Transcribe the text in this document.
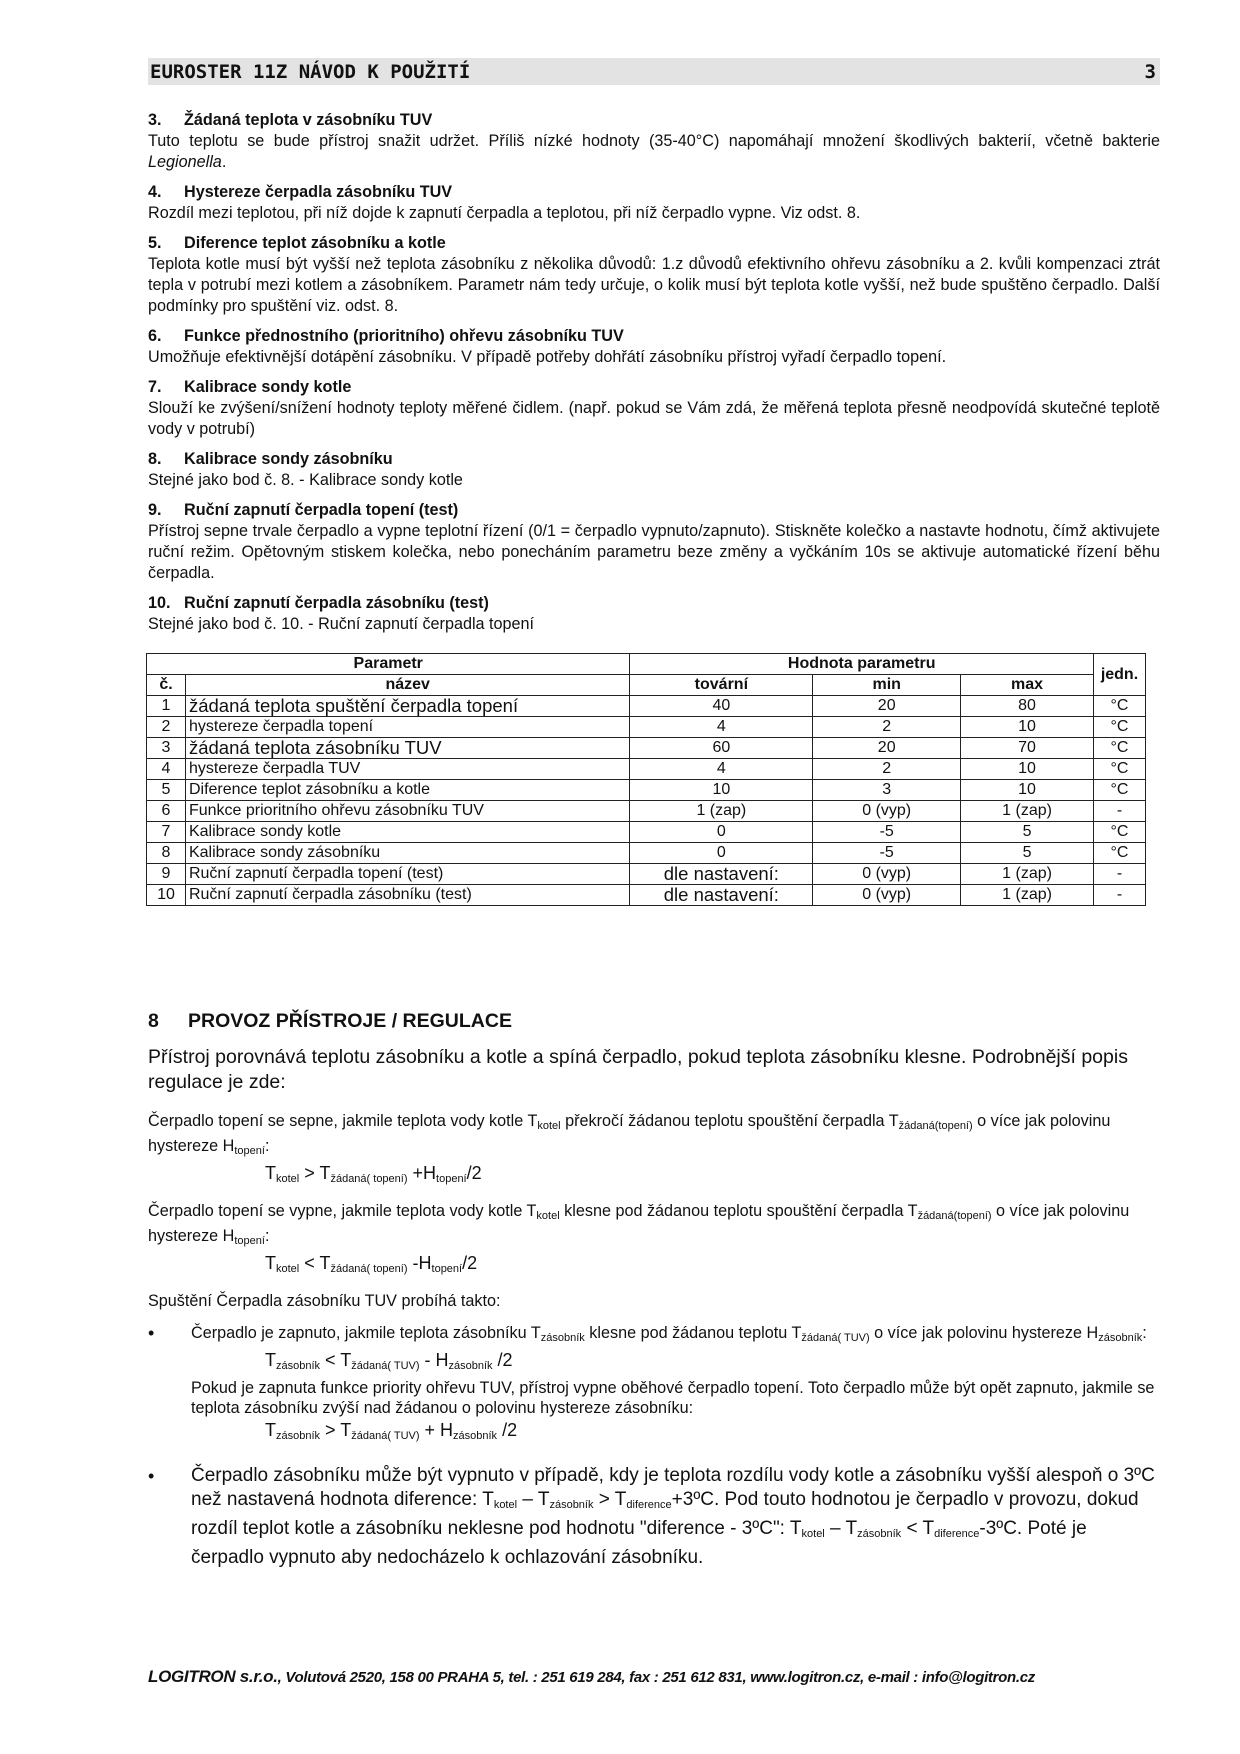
EUROSTER 11Z NÁVOD K POUŽITÍ	3
3. Žádaná teplota v zásobníku TUV
Tuto teplotu se bude přístroj snažit udržet. Příliš nízké hodnoty (35-40°C) napomáhají množení škodlivých bakterií, včetně bakterie Legionella.
4. Hystereze čerpadla zásobníku TUV
Rozdíl mezi teplotou, při níž dojde k zapnutí čerpadla a teplotou, při níž čerpadlo vypne. Viz odst. 8.
5. Diference teplot zásobníku a kotle
Teplota kotle musí být vyšší než teplota zásobníku z několika důvodů: 1.z důvodů efektivního ohřevu zásobníku a 2. kvůli kompenzaci ztrát tepla v potrubí mezi kotlem a zásobníkem. Parametr nám tedy určuje, o kolik musí být teplota kotle vyšší, než bude spuštěno čerpadlo. Další podmínky pro spuštění viz. odst. 8.
6. Funkce přednostního (prioritního) ohřevu zásobníku TUV
Umožňuje efektivnější dotápění zásobníku. V případě potřeby dohřátí zásobníku přístroj vyřadí čerpadlo topení.
7. Kalibrace sondy kotle
Slouží ke zvýšení/snížení hodnoty teploty měřené čidlem. (např. pokud se Vám zdá, že měřená teplota přesně neodpovídá skutečné teplotě vody v potrubí)
8. Kalibrace sondy zásobníku
Stejné jako bod č. 8. - Kalibrace sondy kotle
9. Ruční zapnutí čerpadla topení (test)
Přístroj sepne trvale čerpadlo a vypne teplotní řízení (0/1 = čerpadlo vypnuto/zapnuto). Stiskněte kolečko a nastavte hodnotu, čímž aktivujete ruční režim. Opětovným stiskem kolečka, nebo ponecháním parametru beze změny a vyčkáním 10s se aktivuje automatické řízení běhu čerpadla.
10. Ruční zapnutí čerpadla zásobníku (test)
Stejné jako bod č. 10. - Ruční zapnutí čerpadla topení
Parametr		Hodnota parametru			jedn.
č.	název	tovární	min	max	
1	žádaná teplota spuštění čerpadla topení	40	20	80	°C
2	hystereze čerpadla topení	4	2	10	°C
3	žádaná teplota zásobníku TUV	60	20	70	°C
4	hystereze čerpadla TUV	4	2	10	°C
5	Diference teplot zásobníku a kotle	10	3	10	°C
6	Funkce prioritního ohřevu zásobníku TUV	1 (zap)	0 (vyp)	1 (zap)	-
7	Kalibrace sondy kotle	0	-5	5	°C
8	Kalibrace sondy zásobníku	0	-5	5	°C
9	Ruční zapnutí čerpadla topení (test)	dle nastavení:	0 (vyp)	1 (zap)	-
10	Ruční zapnutí čerpadla zásobníku (test)	dle nastavení:	0 (vyp)	1 (zap)	-
8 PROVOZ PŘÍSTROJE / REGULACE
Přístroj porovnává teplotu zásobníku a kotle a spíná čerpadlo, pokud teplota zásobníku klesne. Podrobnější popis regulace je zde:
Čerpadlo topení se sepne, jakmile teplota vody kotle $T_{kotel}$ překročí žádanou teplotu spouštění čerpadla $T_{žádaná(topení)}$ o více jak polovinu hystereze $H_{topení}$:
$T_{kotel} > T_{žádaná( topení)} +H_{topení}/2$
Čerpadlo topení se vypne, jakmile teplota vody kotle $T_{kotel}$ klesne pod žádanou teplotu spouštění čerpadla $T_{žádaná(topení)}$ o více jak polovinu hystereze $H_{topení}$:
$T_{kotel} < T_{žádaná( topení)}$ $-H_{topení}/2$
Spuštění Čerpadla zásobníku TUV probíhá takto:
• Čerpadlo je zapnuto, jakmile teplota zásobníku $T_{zásobník}$ klesne pod žádanou teplotu $T_{žádaná( TUV)}$ o více jak polovinu hystereze $H_{zásobník}$:
$T_{zásobník} < T_{žádaná( TUV)} - H_{zásobník}$ /2
Pokud je zapnuta funkce priority ohřevu TUV, přístroj vypne oběhové čerpadlo topení. Toto čerpadlo může být opět zapnuto, jakmile se teplota zásobníku zvýší nad žádanou o polovinu hystereze zásobníku:
$T_{zásobník} > T_{žádaná( TUV)} + H_{zásobník}$ /2
• Čerpadlo zásobníku může být vypnuto v případě, kdy je teplota rozdílu vody kotle a zásobníku vyšší alespoň o 3ºC než nastavená hodnota diference: $T_{kotel} - T_{zásobník}$ > $T_{diference}+3ºC$. Pod touto hodnotou je čerpadlo v provozu, dokud rozdíl teplot kotle a zásobníku neklesne pod hodnotu "diference - 3ºC": $T_{kotel} - T_{zásobník}$ < $T_{diference}-3ºC$. Poté je čerpadlo vypnuto aby nedocházelo k ochlazování zásobníku.
LOGITRON s.r.o., Volutová 2520, 158 00 PRAHA 5, tel. : 251 619 284, fax : 251 612 831, www.logitron.cz, e-mail : info@logitron.cz
